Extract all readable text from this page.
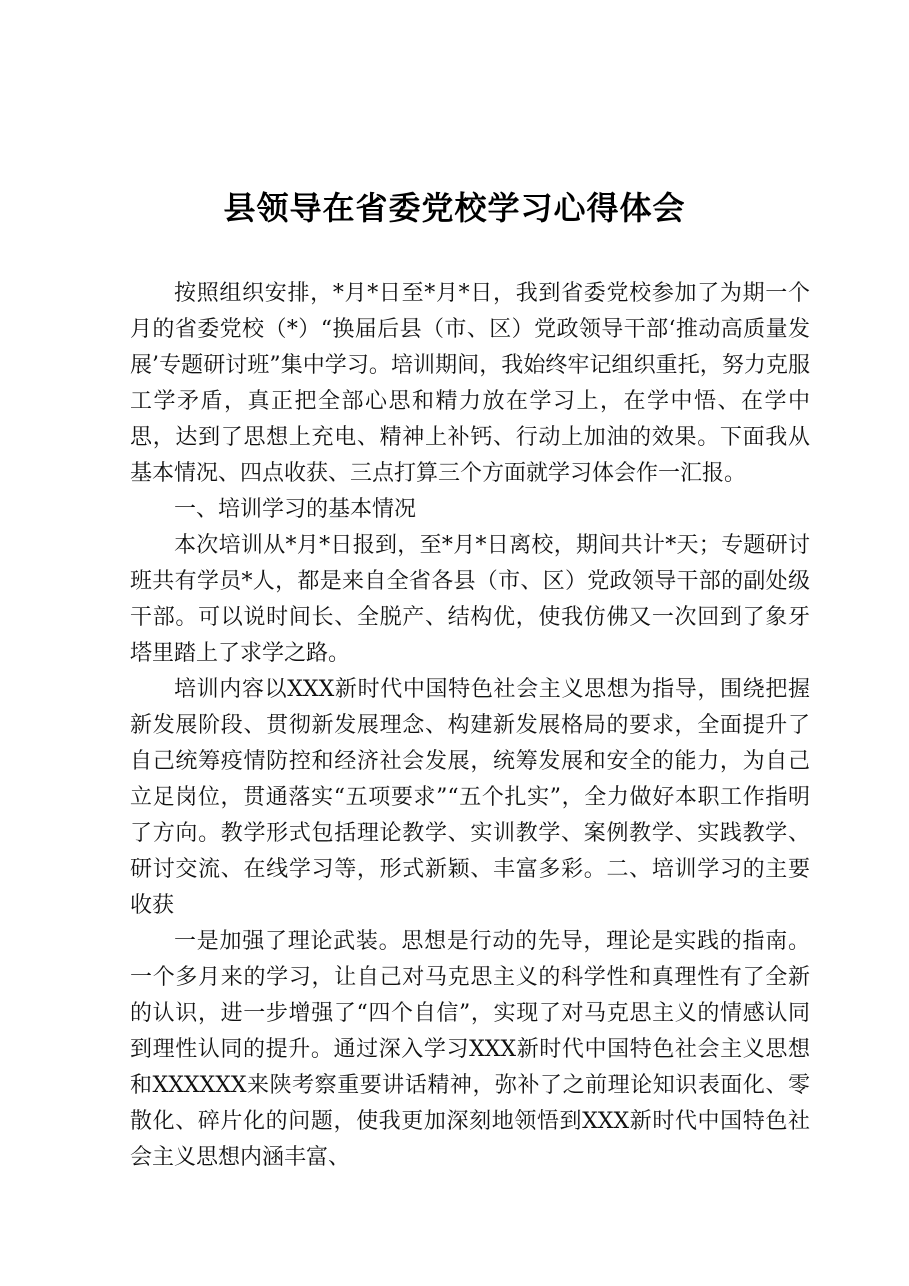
县领导在省委党校学习心得体会

按照组织安排，*月*日至*月*日，我到省委党校参加了为期一个月的省委党校（*）“换届后县（市、区）党政领导干部‘推动高质量发展’专题研讨班”集中学习。培训期间，我始终牢记组织重托，努力克服工学矛盾，真正把全部心思和精力放在学习上，在学中悟、在学中思，达到了思想上充电、精神上补钙、行动上加油的效果。下面我从基本情况、四点收获、三点打算三个方面就学习体会作一汇报。

一、培训学习的基本情况

本次培训从*月*日报到，至*月*日离校，期间共计*天；专题研讨班共有学员*人，都是来自全省各县（市、区）党政领导干部的副处级干部。可以说时间长、全脱产、结构优，使我仿佛又一次回到了象牙塔里踏上了求学之路。

培训内容以XXX新时代中国特色社会主义思想为指导，围绕把握新发展阶段、贯彻新发展理念、构建新发展格局的要求，全面提升了自己统筹疫情防控和经济社会发展，统筹发展和安全的能力，为自己立足岗位，贯通落实“五项要求”“五个扎实”，全力做好本职工作指明了方向。教学形式包括理论教学、实训教学、案例教学、实践教学、研讨交流、在线学习等，形式新颖、丰富多彩。二、培训学习的主要收获

一是加强了理论武装。思想是行动的先导，理论是实践的指南。一个多月来的学习，让自己对马克思主义的科学性和真理性有了全新的认识，进一步增强了“四个自信”，实现了对马克思主义的情感认同到理性认同的提升。通过深入学习XXX新时代中国特色社会主义思想和XXXXXX来陕考察重要讲话精神，弥补了之前理论知识表面化、零散化、碎片化的问题，使我更加深刻地领悟到XXX新时代中国特色社会主义思想内涵丰富、
